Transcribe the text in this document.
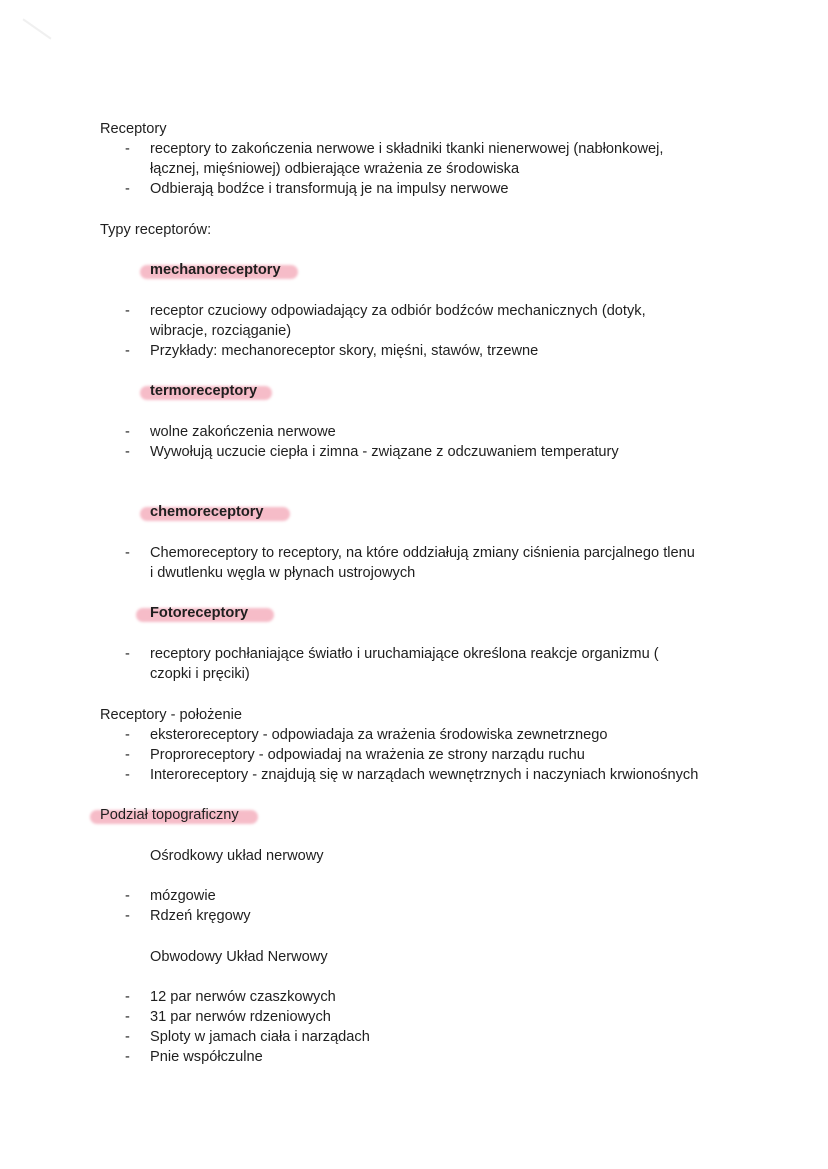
Receptory
- receptory to zakończenia nerwowe i składniki tkanki nienerwowej (nabłonkowej,
łącznej, mięśniowej) odbierające wrażenia ze środowiska
- Odbierają bodźce i transformują je na impulsy nerwowe
Typy receptorów:
mechanoreceptory
- receptor czuciowy odpowiadający za odbiór bodźców mechanicznych (dotyk,
wibracje, rozciąganie)
- Przykłady: mechanoreceptor skory, mięśni, stawów, trzewne
termoreceptory
- wolne zakończenia nerwowe
- Wywołują uczucie ciepła i zimna - związane z odczuwaniem temperatury
chemoreceptory
- Chemoreceptory to receptory, na które oddziałują zmiany ciśnienia parcjalnego tlenu
i dwutlenku węgla w płynach ustrojowych
Fotoreceptory
- receptory pochłaniające światło i uruchamiające określona reakcje organizmu (
czopki i pręciki)
Receptory - położenie
- eksteroreceptory - odpowiadaja za wrażenia środowiska zewnetrznego
- Proproreceptory - odpowiadaj na wrażenia ze strony narządu ruchu
- Interoreceptory - znajdują się w narządach wewnętrznych i naczyniach krwionośnych
Podział topograficzny
Ośrodkowy układ nerwowy
- mózgowie
- Rdzeń kręgowy
Obwodowy Układ Nerwowy
- 12 par nerwów czaszkowych
- 31 par nerwów rdzeniowych
- Sploty w jamach ciała i narządach
- Pnie współczulne
